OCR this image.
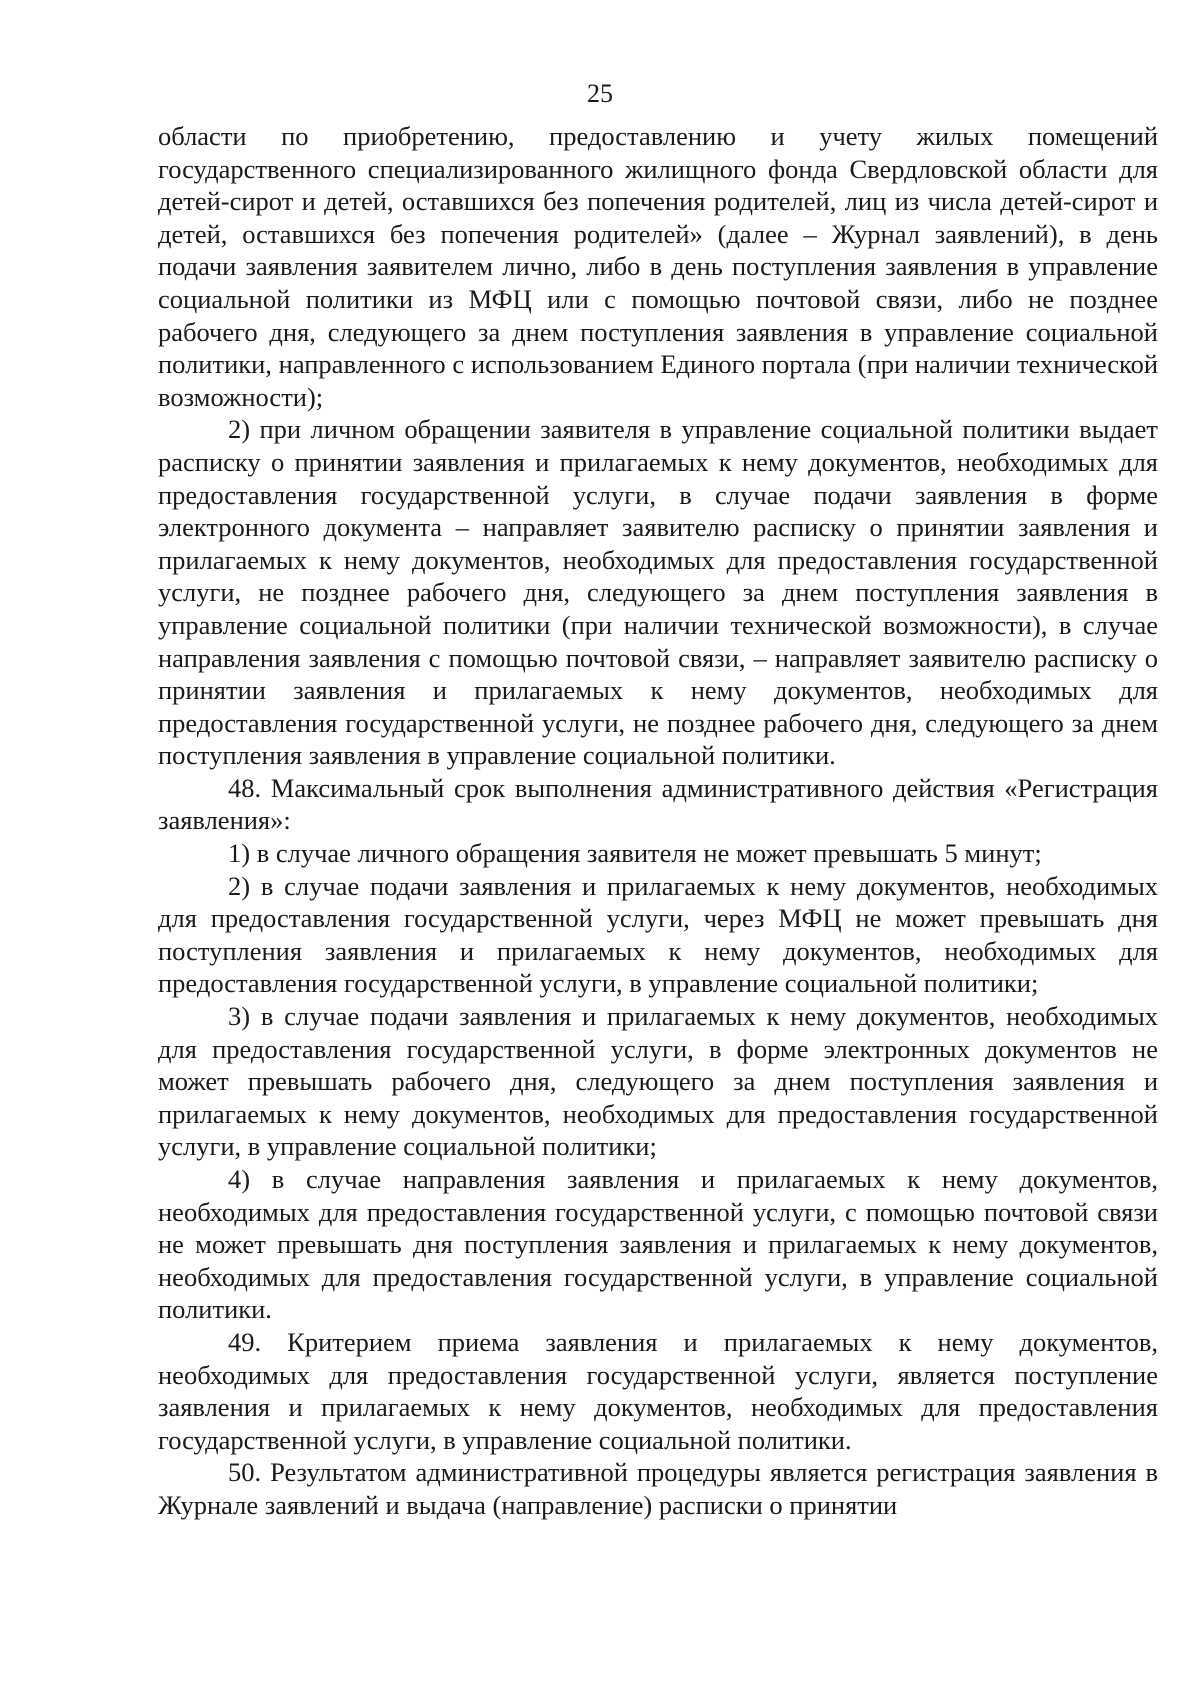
25

области по приобретению, предоставлению и учету жилых помещений государственного специализированного жилищного фонда Свердловской области для детей-сирот и детей, оставшихся без попечения родителей, лиц из числа детей-сирот и детей, оставшихся без попечения родителей» (далее – Журнал заявлений), в день подачи заявления заявителем лично, либо в день поступления заявления в управление социальной политики из МФЦ или с помощью почтовой связи, либо не позднее рабочего дня, следующего за днем поступления заявления в управление социальной политики, направленного с использованием Единого портала (при наличии технической возможности);

2) при личном обращении заявителя в управление социальной политики выдает расписку о принятии заявления и прилагаемых к нему документов, необходимых для предоставления государственной услуги, в случае подачи заявления в форме электронного документа – направляет заявителю расписку о принятии заявления и прилагаемых к нему документов, необходимых для предоставления государственной услуги, не позднее рабочего дня, следующего за днем поступления заявления в управление социальной политики (при наличии технической возможности), в случае направления заявления с помощью почтовой связи, – направляет заявителю расписку о принятии заявления и прилагаемых к нему документов, необходимых для предоставления государственной услуги, не позднее рабочего дня, следующего за днем поступления заявления в управление социальной политики.

48. Максимальный срок выполнения административного действия «Регистрация заявления»:

1) в случае личного обращения заявителя не может превышать 5 минут;

2) в случае подачи заявления и прилагаемых к нему документов, необходимых для предоставления государственной услуги, через МФЦ не может превышать дня поступления заявления и прилагаемых к нему документов, необходимых для предоставления государственной услуги, в управление социальной политики;

3) в случае подачи заявления и прилагаемых к нему документов, необходимых для предоставления государственной услуги, в форме электронных документов не может превышать рабочего дня, следующего за днем поступления заявления и прилагаемых к нему документов, необходимых для предоставления государственной услуги, в управление социальной политики;

4) в случае направления заявления и прилагаемых к нему документов, необходимых для предоставления государственной услуги, с помощью почтовой связи не может превышать дня поступления заявления и прилагаемых к нему документов, необходимых для предоставления государственной услуги, в управление социальной политики.

49. Критерием приема заявления и прилагаемых к нему документов, необходимых для предоставления государственной услуги, является поступление заявления и прилагаемых к нему документов, необходимых для предоставления государственной услуги, в управление социальной политики.

50. Результатом административной процедуры является регистрация заявления в Журнале заявлений и выдача (направление) расписки о принятии
